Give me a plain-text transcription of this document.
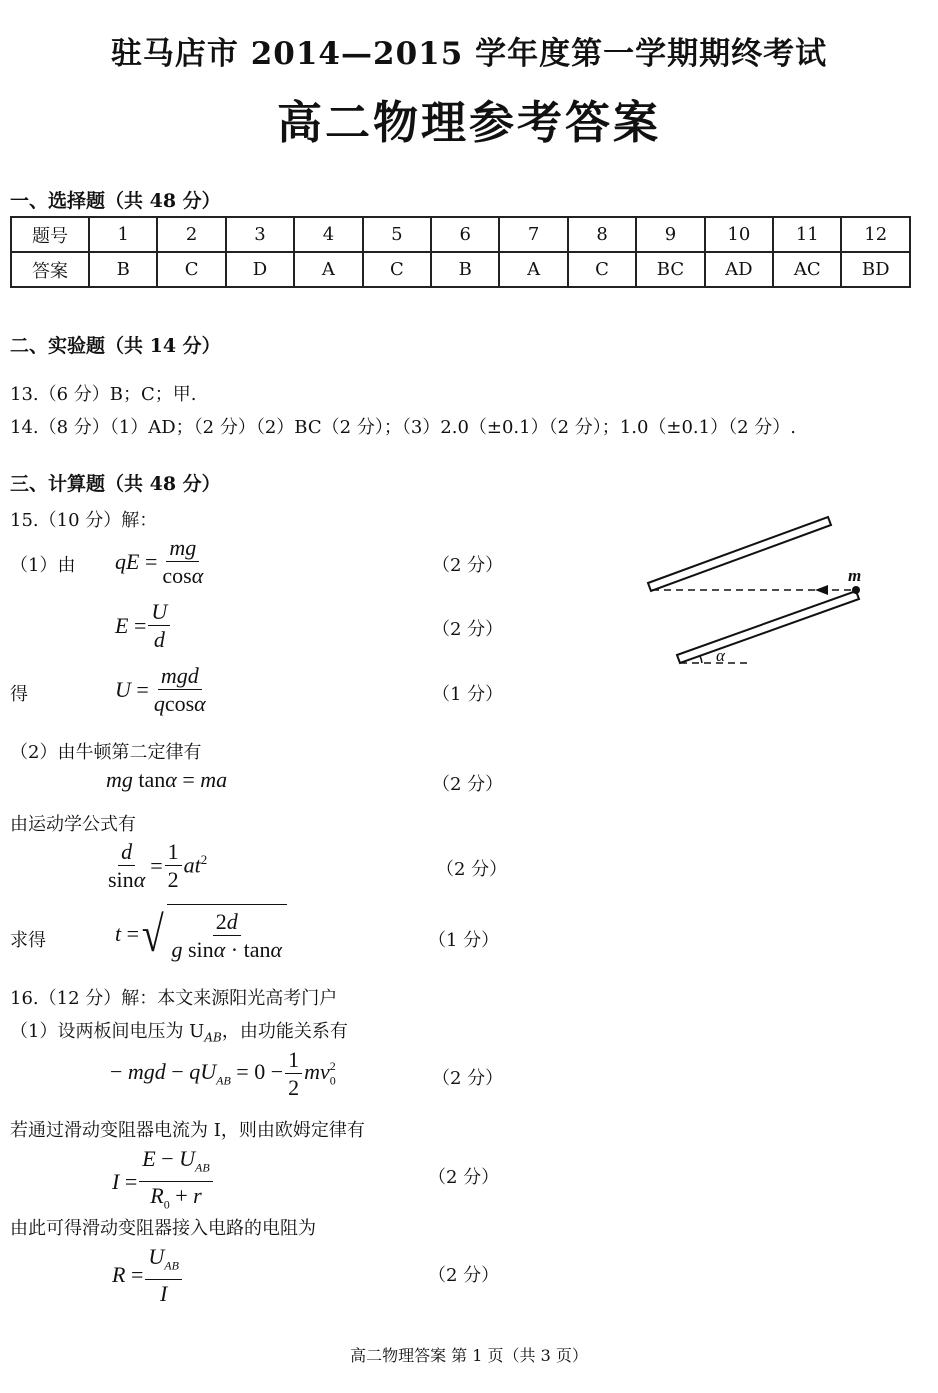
驻马店市 2014—2015 学年度第一学期期终考试
高二物理参考答案
一、选择题（共 48 分）
题号	1	2	3	4	5	6	7	8	9	10	11	12
答案	B	C	D	A	C	B	A	C	BC	AD	AC	BD
二、实验题（共 14 分）
13.（6 分）B；C；甲.
14.（8 分）（1）AD；（2 分）（2）BC（2 分）；（3）2.0（±0.1）（2 分）；1.0（±0.1）（2 分）.
三、计算题（共 48 分）
15.（10 分）解：
（1）由 qE = $\frac{mg}{\cos\alpha}$	（2 分）
$E = \frac{U}{d}$	（2 分）
得	U =
mgd
qcosα	（1 分）
（2）由牛顿第二定律有
mg tanα = ma	（2 分）
由运动学公式有
$\frac{d}{\sin\alpha} = \frac{1}{2} at^2$	（2 分）
求得	t = √ 2d
g sinα · tanα	（1 分）
m
α
16.（12 分）解：本文来源阳光高考门户
（1）设两板间电压为 $U_{AB}$，由功能关系有
− mgd − $qU_{AB} = 0 - \frac{1}{2} mv_0^2$
（2 分）
若通过滑动变阻器电流为 I，则由欧姆定律有
I =
$E - U_{AB}$
$R_0 + r$
（2 分）
由此可得滑动变阻器接入电路的电阻为
R =
$U_{AB}$
I
（2 分）
高二物理答案 第 1 页（共 3 页）
